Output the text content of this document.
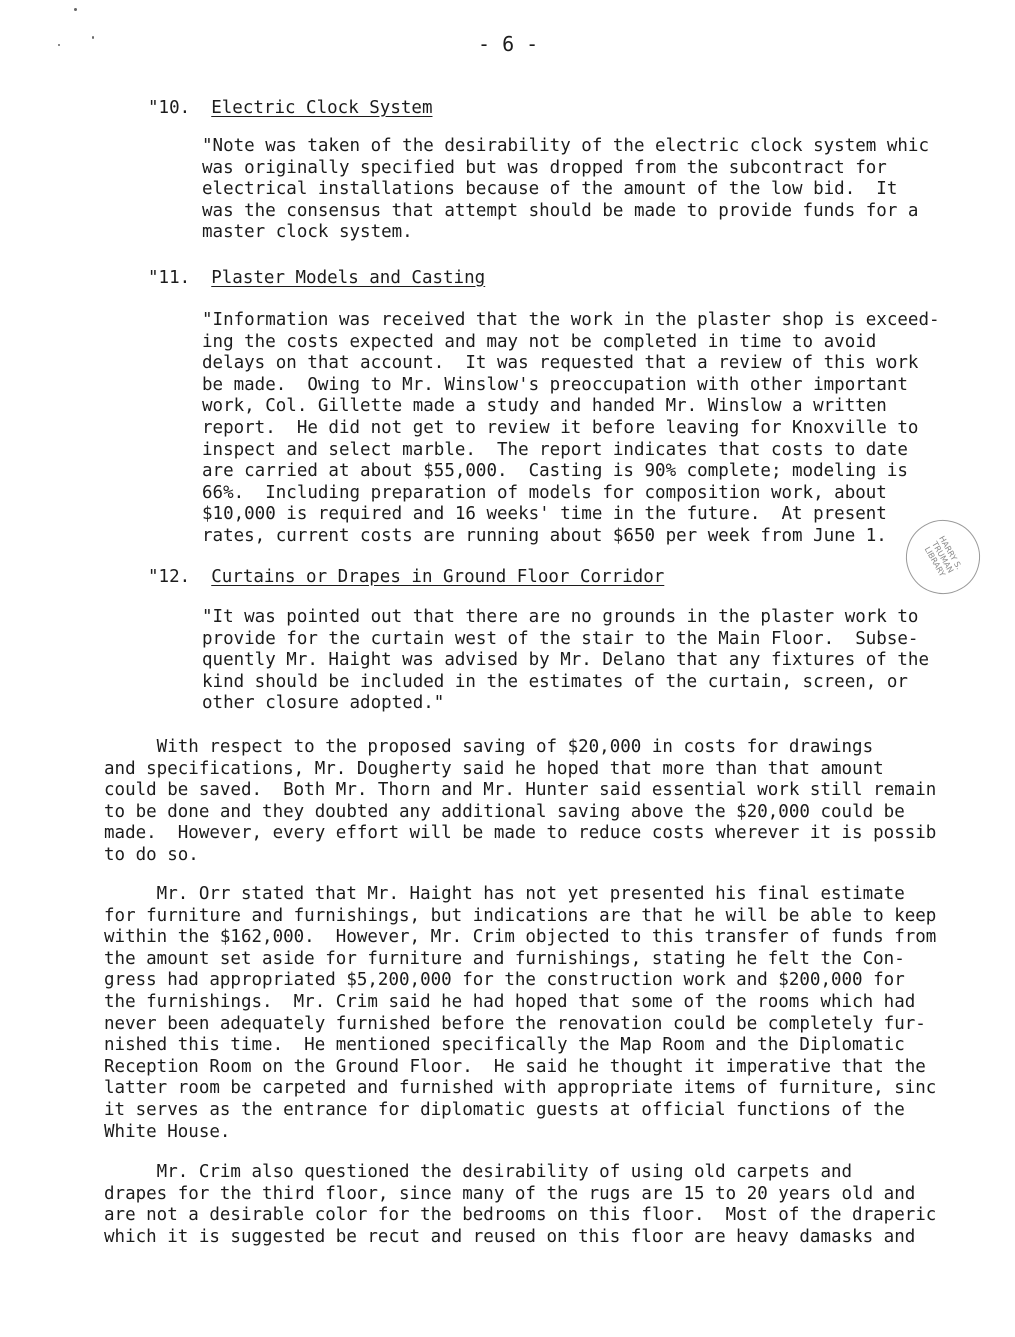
- 6 -
"10. Electric Clock System
"Note was taken of the desirability of the electric clock system whic
was originally specified but was dropped from the subcontract for
electrical installations because of the amount of the low bid.  It
was the consensus that attempt should be made to provide funds for a
master clock system.
"11. Plaster Models and Casting
"Information was received that the work in the plaster shop is exceed-
ing the costs expected and may not be completed in time to avoid
delays on that account.  It was requested that a review of this work
be made.  Owing to Mr. Winslow's preoccupation with other important
work, Col. Gillette made a study and handed Mr. Winslow a written
report.  He did not get to review it before leaving for Knoxville to
inspect and select marble.  The report indicates that costs to date
are carried at about $55,000.  Casting is 90% complete; modeling is
66%.  Including preparation of models for composition work, about
$10,000 is required and 16 weeks' time in the future.  At present
rates, current costs are running about $650 per week from June 1.	HARRY S. TRUMAN LIBRARY
"12. Curtains or Drapes in Ground Floor Corridor
"It was pointed out that there are no grounds in the plaster work to
provide for the curtain west of the stair to the Main Floor.  Subse-
quently Mr. Haight was advised by Mr. Delano that any fixtures of the
kind should be included in the estimates of the curtain, screen, or
other closure adopted."
With respect to the proposed saving of $20,000 in costs for drawings
and specifications, Mr. Dougherty said he hoped that more than that amount
could be saved.  Both Mr. Thorn and Mr. Hunter said essential work still remain
to be done and they doubted any additional saving above the $20,000 could be
made.  However, every effort will be made to reduce costs wherever it is possib
to do so.
Mr. Orr stated that Mr. Haight has not yet presented his final estimate
for furniture and furnishings, but indications are that he will be able to keep
within the $162,000.  However, Mr. Crim objected to this transfer of funds from
the amount set aside for furniture and furnishings, stating he felt the Con-
gress had appropriated $5,200,000 for the construction work and $200,000 for
the furnishings.  Mr. Crim said he had hoped that some of the rooms which had
never been adequately furnished before the renovation could be completely fur-
nished this time.  He mentioned specifically the Map Room and the Diplomatic
Reception Room on the Ground Floor.  He said he thought it imperative that the
latter room be carpeted and furnished with appropriate items of furniture, sinc
it serves as the entrance for diplomatic guests at official functions of the
White House.
Mr. Crim also questioned the desirability of using old carpets and
drapes for the third floor, since many of the rugs are 15 to 20 years old and
are not a desirable color for the bedrooms on this floor.  Most of the draperic
which it is suggested be recut and reused on this floor are heavy damasks and
